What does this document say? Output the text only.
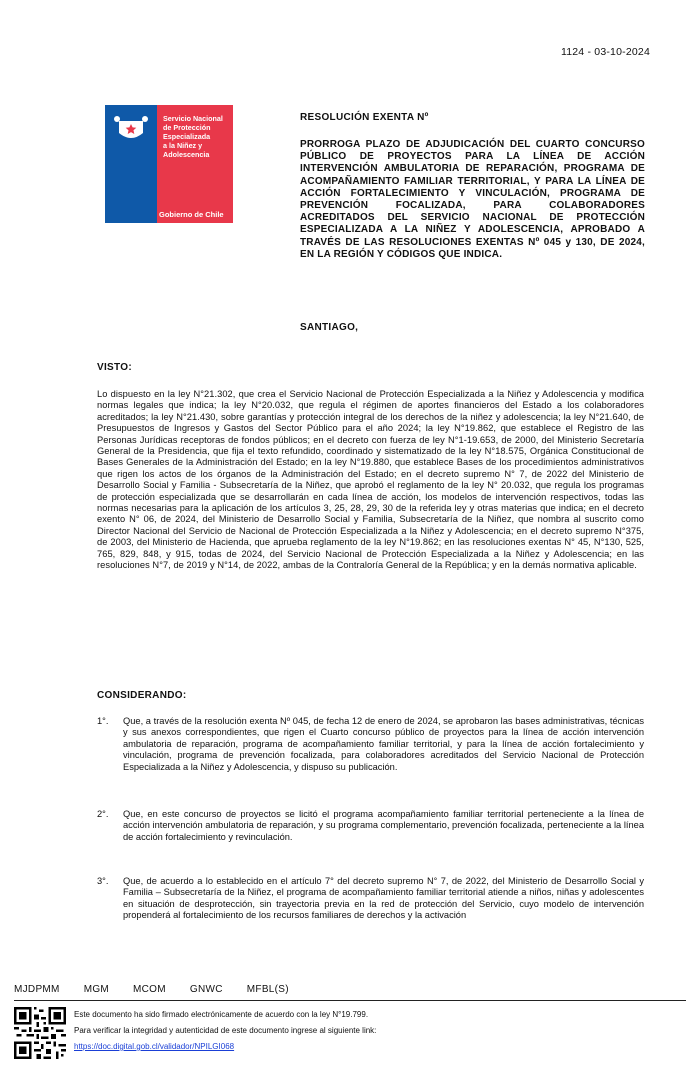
1124 - 03-10-2024
Servicio Nacional
de Protección
Especializada
a la Niñez y
Adolescencia
Gobierno de Chile
RESOLUCIÓN EXENTA Nº
PRORROGA PLAZO DE ADJUDICACIÓN DEL CUARTO CONCURSO PÚBLICO DE PROYECTOS PARA LA LÍNEA DE ACCIÓN INTERVENCIÓN AMBULATORIA DE REPARACIÓN, PROGRAMA DE ACOMPAÑAMIENTO FAMILIAR TERRITORIAL, Y PARA LA LÍNEA DE ACCIÓN FORTALECIMIENTO Y VINCULACIÓN, PROGRAMA DE PREVENCIÓN FOCALIZADA, PARA COLABORADORES ACREDITADOS DEL SERVICIO NACIONAL DE PROTECCIÓN ESPECIALIZADA A LA NIÑEZ Y ADOLESCENCIA, APROBADO A TRAVÉS DE LAS RESOLUCIONES EXENTAS Nº 045 y 130, DE 2024, EN LA REGIÓN Y CÓDIGOS QUE INDICA.
SANTIAGO,
VISTO:
Lo dispuesto en la ley N°21.302, que crea el Servicio Nacional de Protección Especializada a la Niñez y Adolescencia y modifica normas legales que indica; la ley N°20.032, que regula el régimen de aportes financieros del Estado a los colaboradores acreditados; la ley N°21.430, sobre garantías y protección integral de los derechos de la niñez y adolescencia; la ley N°21.640, de Presupuestos de Ingresos y Gastos del Sector Público para el año 2024; la ley N°19.862, que establece el Registro de las Personas Jurídicas receptoras de fondos públicos; en el decreto con fuerza de ley N°1-19.653, de 2000, del Ministerio Secretaría General de la Presidencia, que fija el texto refundido, coordinado y sistematizado de la ley N°18.575, Orgánica Constitucional de Bases Generales de la Administración del Estado; en la ley N°19.880, que establece Bases de los procedimientos administrativos que rigen los actos de los órganos de la Administración del Estado; en el decreto supremo N° 7, de 2022 del Ministerio de Desarrollo Social y Familia - Subsecretaría de la Niñez, que aprobó el reglamento de la ley N° 20.032, que regula los programas de protección especializada que se desarrollarán en cada línea de acción, los modelos de intervención respectivos, todas las normas necesarias para la aplicación de los artículos 3, 25, 28, 29, 30 de la referida ley y otras materias que indica; en el decreto exento N° 06, de 2024, del Ministerio de Desarrollo Social y Familia, Subsecretaría de la Niñez, que nombra al suscrito como Director Nacional del Servicio de Nacional de Protección Especializada a la Niñez y Adolescencia; en el decreto supremo N°375, de 2003, del Ministerio de Hacienda, que aprueba reglamento de la ley N°19.862; en las resoluciones exentas N° 45, N°130, 525, 765, 829, 848, y 915, todas de 2024, del Servicio Nacional de Protección Especializada a la Niñez y Adolescencia; en las resoluciones N°7, de 2019 y N°14, de 2022, ambas de la Contraloría General de la República; y en la demás normativa aplicable.
CONSIDERANDO:
1°.	Que, a través de la resolución exenta Nº 045, de fecha 12 de enero de 2024, se aprobaron las bases administrativas, técnicas y sus anexos correspondientes, que rigen el Cuarto concurso público de proyectos para la línea de acción intervención ambulatoria de reparación, programa de acompañamiento familiar territorial, y para la línea de acción fortalecimiento y vinculación, programa de prevención focalizada, para colaboradores acreditados del Servicio Nacional de Protección Especializada a la Niñez y Adolescencia, y dispuso su publicación.
2°.	Que, en este concurso de proyectos se licitó el programa acompañamiento familiar territorial perteneciente a la línea de acción intervención ambulatoria de reparación, y su programa complementario, prevención focalizada, perteneciente a la línea de acción fortalecimiento y revinculación.
3°.	Que, de acuerdo a lo establecido en el artículo 7° del decreto supremo N° 7, de 2022, del Ministerio de Desarrollo Social y Familia – Subsecretaría de la Niñez, el programa de acompañamiento familiar territorial atiende a niños, niñas y adolescentes en situación de desprotección, sin trayectoria previa en la red de protección del Servicio, cuyo modelo de intervención propenderá al fortalecimiento de los recursos familiares de derechos y la activación
MJDPMM MGM MCOM GNWC MFBL(S)
Este documento ha sido firmado electrónicamente de acuerdo con la ley N°19.799.
Para verificar la integridad y autenticidad de este documento ingrese al siguiente link:
https://doc.digital.gob.cl/validador/NPILGI068
